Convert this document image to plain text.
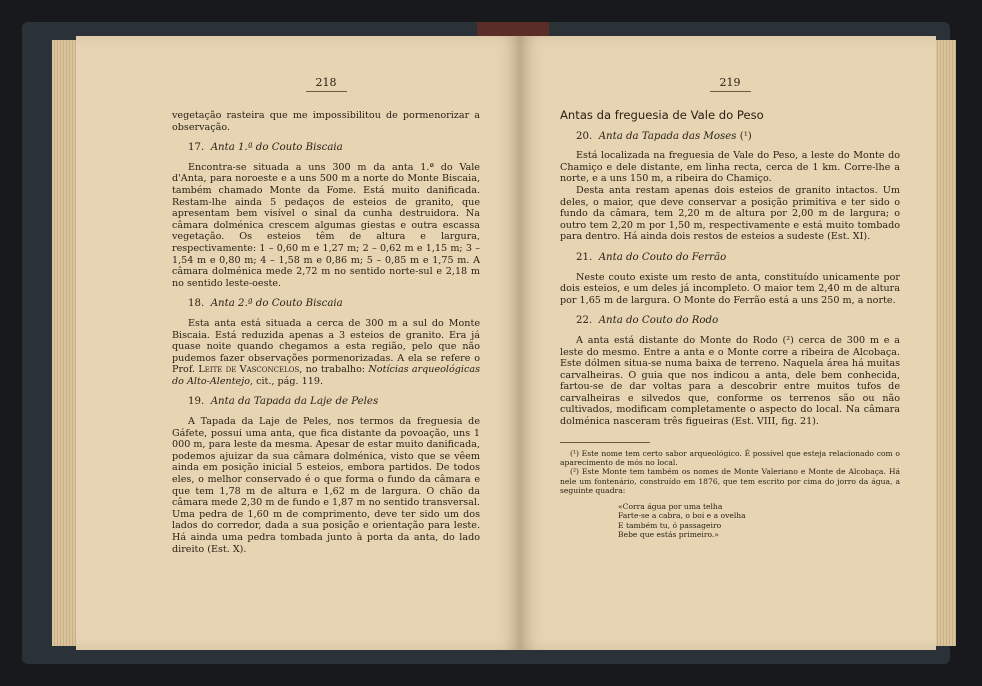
218

vegetação rasteira que me impossibilitou de pormenorizar a observação.

17. Anta 1.ª do Couto Biscaia

Encontra-se situada a uns 300 m da anta 1.ª do Vale d'Anta, para noroeste e a uns 500 m a norte do Monte Biscaia, também chamado Monte da Fome. Está muito danificada. Restam-lhe ainda 5 pedaços de esteios de granito, que apresentam bem visível o sinal da cunha destruidora. Na câmara dolménica crescem algumas giestas e outra escassa vegetação. Os esteios têm de altura e largura, respectivamente: 1 – 0,60 m e 1,27 m; 2 – 0,62 m e 1,15 m; 3 – 1,54 m e 0,80 m; 4 – 1,58 m e 0,86 m; 5 – 0,85 m e 1,75 m. A câmara dolménica mede 2,72 m no sentido norte-sul e 2,18 m no sentido leste-oeste.

18. Anta 2.ª do Couto Biscaia

Esta anta está situada a cerca de 300 m a sul do Monte Biscaia. Está reduzida apenas a 3 esteios de granito. Era já quase noite quando chegamos a esta região, pelo que não pudemos fazer observações pormenorizadas. A ela se refere o Prof. Leite de Vasconcelos, no trabalho: Notícias arqueológicas do Alto-Alentejo, cit., pág. 119.

19. Anta da Tapada da Laje de Peles

A Tapada da Laje de Peles, nos termos da freguesia de Gáfete, possui uma anta, que fica distante da povoação, uns 1 000 m, para leste da mesma. Apesar de estar muito danificada, podemos ajuizar da sua câmara dolménica, visto que se vêem ainda em posição inicial 5 esteios, embora partidos. De todos eles, o melhor conservado é o que forma o fundo da câmara e que tem 1,78 m de altura e 1,62 m de largura. O chão da câmara mede 2,30 m de fundo e 1,87 m no sentido transversal. Uma pedra de 1,60 m de comprimento, deve ter sido um dos lados do corredor, dada a sua posição e orientação para leste. Há ainda uma pedra tombada junto à porta da anta, do lado direito (Est. X).

219

Antas da freguesia de Vale do Peso

20. Anta da Tapada das Moses (¹)

Está localizada na freguesia de Vale do Peso, a leste do Monte do Chamiço e dele distante, em linha recta, cerca de 1 km. Corre-lhe a norte, e a uns 150 m, a ribeira do Chamiço.

Desta anta restam apenas dois esteios de granito intactos. Um deles, o maior, que deve conservar a posição primitiva e ter sido o fundo da câmara, tem 2,20 m de altura por 2,00 m de largura; o outro tem 2,20 m por 1,50 m, respectivamente e está muito tombado para dentro. Há ainda dois restos de esteios a sudeste (Est. XI).

21. Anta do Couto do Ferrão

Neste couto existe um resto de anta, constituído unicamente por dois esteios, e um deles já incompleto. O maior tem 2,40 m de altura por 1,65 m de largura. O Monte do Ferrão está a uns 250 m, a norte.

22. Anta do Couto do Rodo

A anta está distante do Monte do Rodo (²) cerca de 300 m e a leste do mesmo. Entre a anta e o Monte corre a ribeira de Alcobaça. Este dólmen situa-se numa baixa de terreno. Naquela área há muitas carvalheiras. O guia que nos indicou a anta, dele bem conhecida, fartou-se de dar voltas para a descobrir entre muitos tufos de carvalheiras e silvedos que, conforme os terrenos são ou não cultivados, modificam completamente o aspecto do local. Na câmara dolménica nasceram três figueiras (Est. VIII, fig. 21).

(¹) Este nome tem certo sabor arqueológico. É possível que esteja relacionado com o aparecimento de mós no local.

(²) Este Monte tem também os nomes de Monte Valeriano e Monte de Alcobaça. Há nele um fontenário, construído em 1876, que tem escrito por cima do jorro da água, a seguinte quadra:

«Corra água por uma telha
Farte-se a cabra, o boi e a ovelha
E também tu, ó passageiro
Bebe que estás primeiro.»
